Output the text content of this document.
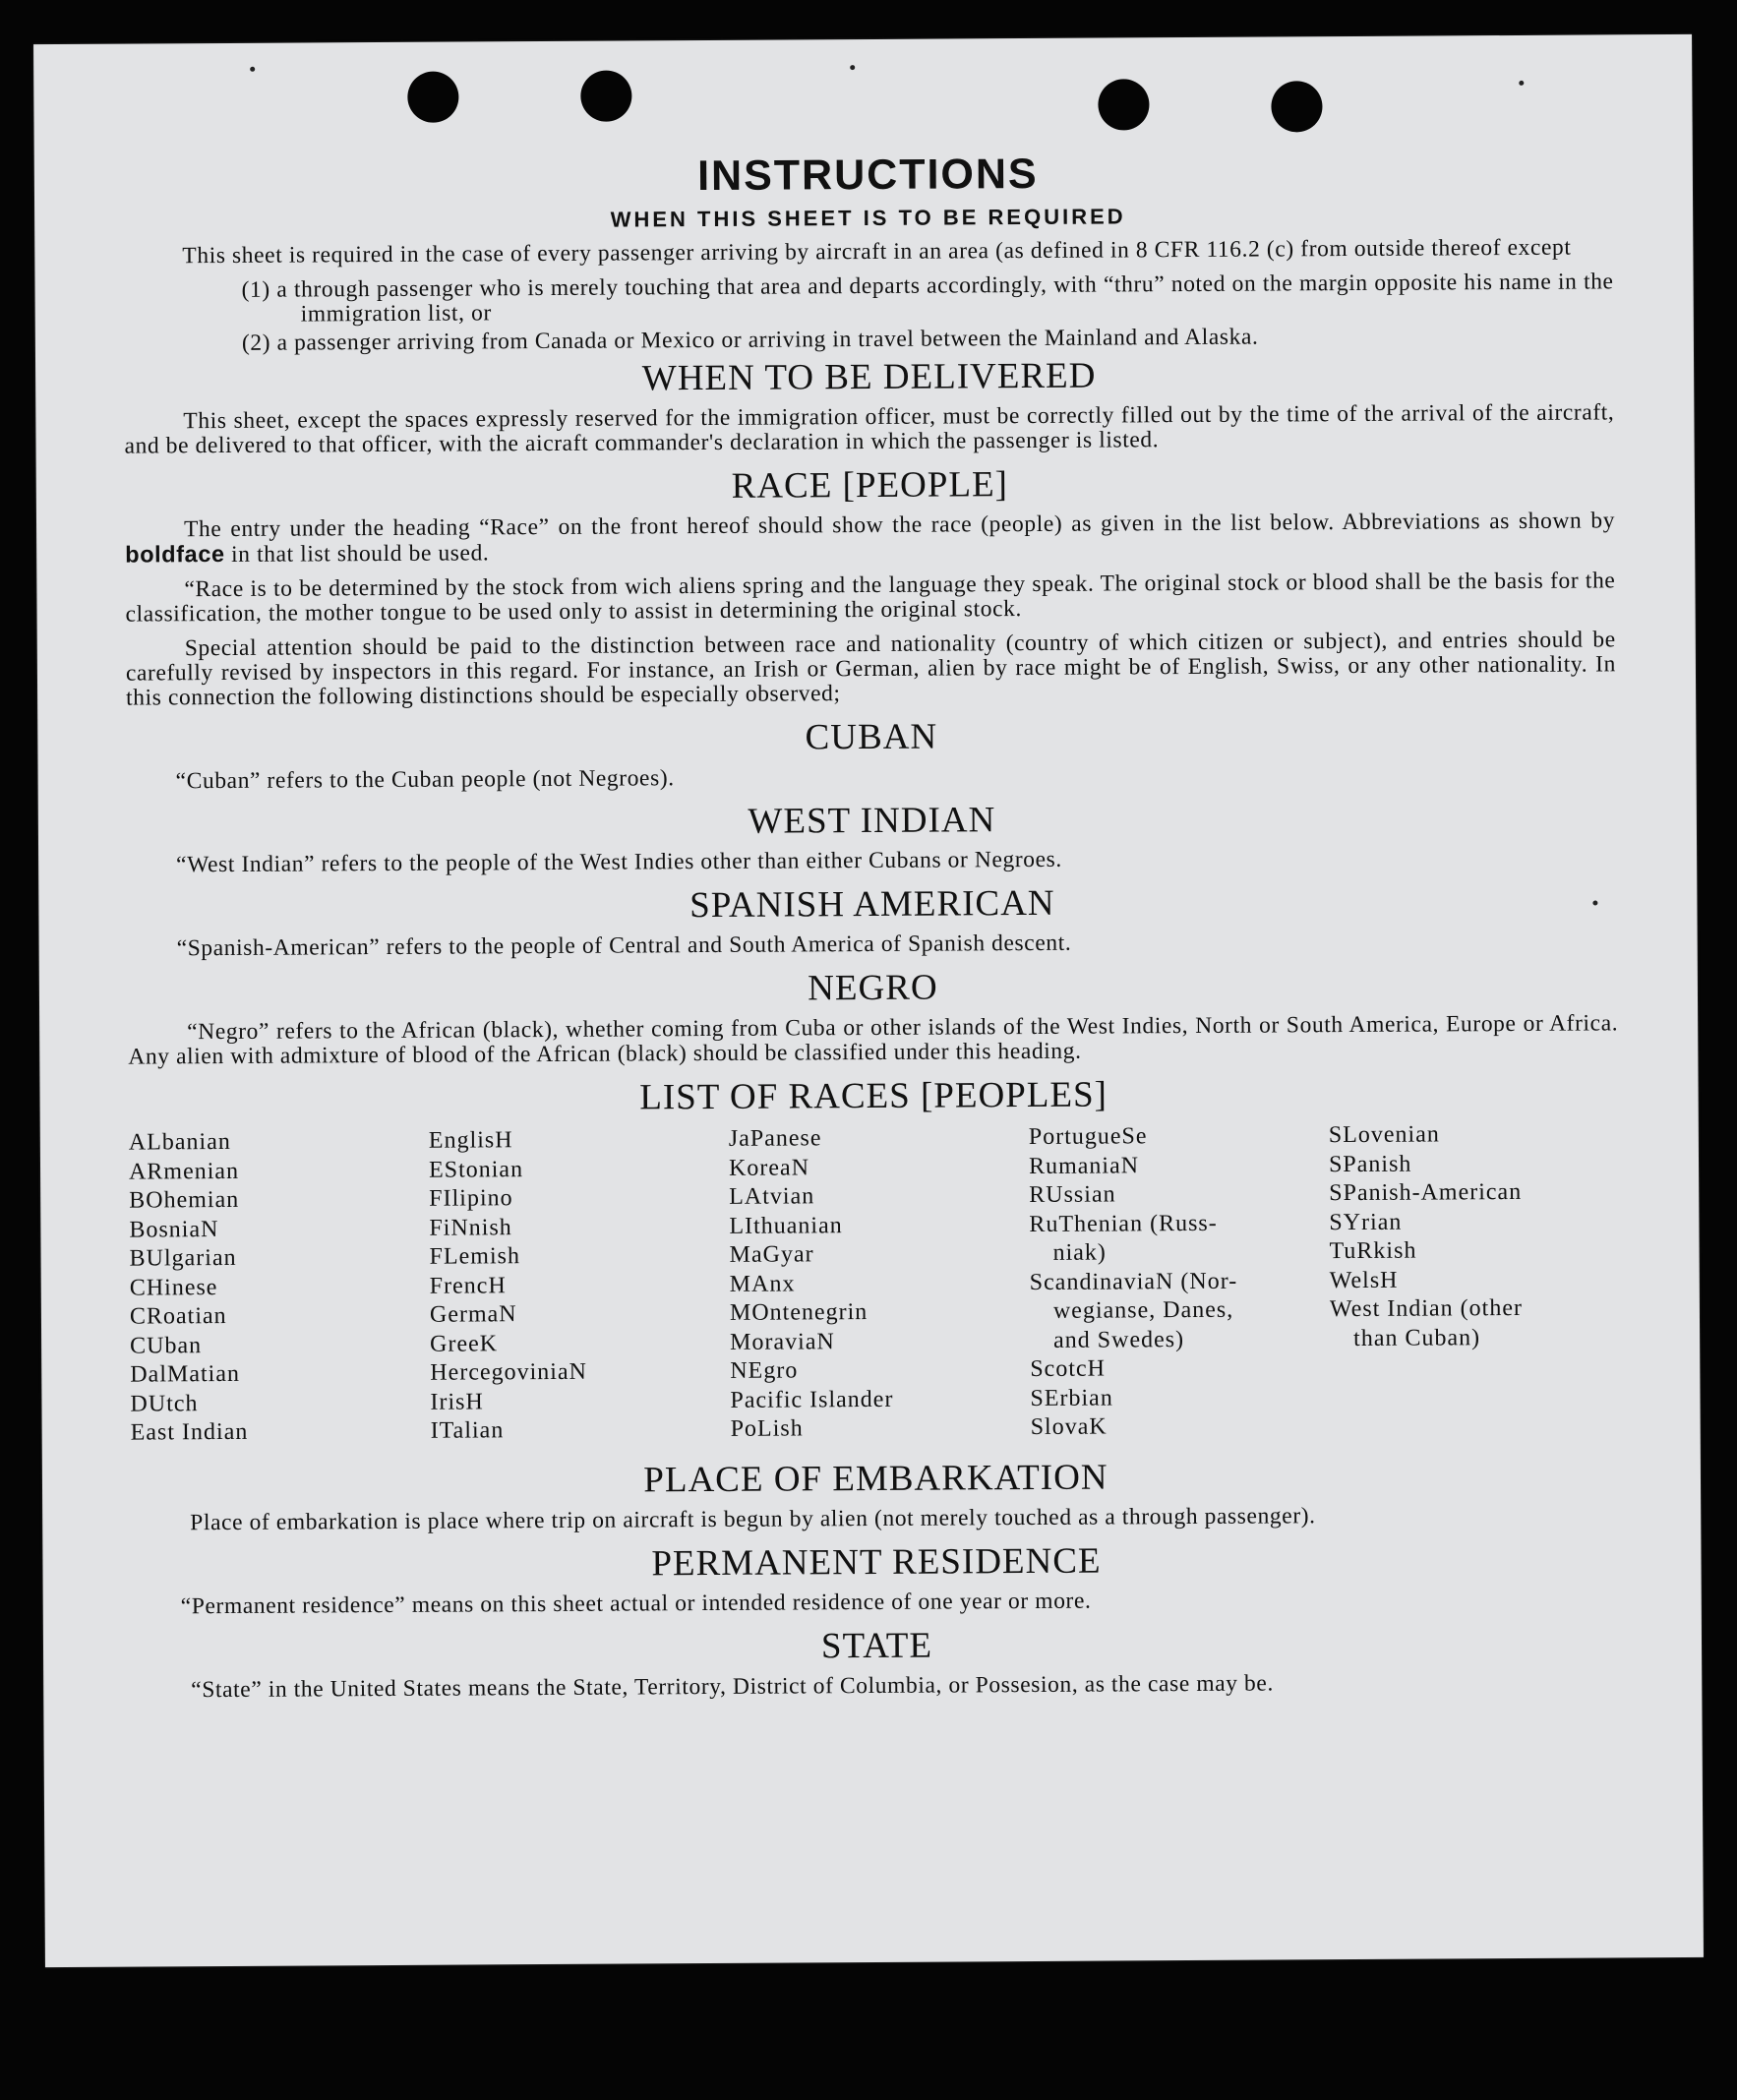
INSTRUCTIONS
WHEN THIS SHEET IS TO BE REQUIRED

This sheet is required in the case of every passenger arriving by aircraft in an area (as defined in 8 CFR 116.2 (c) from outside thereof except

(1) a through passenger who is merely touching that area and departs accordingly, with “thru” noted on the margin opposite his name in the immigration list, or
(2) a passenger arriving from Canada or Mexico or arriving in travel between the Mainland and Alaska.
WHEN TO BE DELIVERED

This sheet, except the spaces expressly reserved for the immigration officer, must be correctly filled out by the time of the arrival of the aircraft, and be delivered to that officer, with the aicraft commander's declaration in which the passenger is listed.

RACE [PEOPLE]

The entry under the heading “Race” on the front hereof should show the race (people) as given in the list below. Abbreviations as shown by boldface in that list should be used.

“Race is to be determined by the stock from wich aliens spring and the language they speak. The original stock or blood shall be the basis for the classification, the mother tongue to be used only to assist in determining the original stock.

Special attention should be paid to the distinction between race and nationality (country of which citizen or subject), and entries should be carefully revised by inspectors in this regard. For instance, an Irish or German, alien by race might be of English, Swiss, or any other nationality. In this connection the following distinctions should be especially observed;

CUBAN

“Cuban” refers to the Cuban people (not Negroes).

WEST INDIAN

“West Indian” refers to the people of the West Indies other than either Cubans or Negroes.

SPANISH AMERICAN

“Spanish-American” refers to the people of Central and South America of Spanish descent.

NEGRO

“Negro” refers to the African (black), whether coming from Cuba or other islands of the West Indies, North or South America, Europe or Africa. Any alien with admixture of blood of the African (black) should be classified under this heading.

LIST OF RACES [PEOPLES]
ALbanian
ARmenian
BOhemian
BosniaN
BUlgarian
CHinese
CRoatian
CUban
DalMatian
DUtch
East Indian
EnglisH
EStonian
FIlipino
FiNnish
FLemish
FrencH
GermaN
GreeK
HercegoviniaN
IrisH
ITalian
JaPanese
KoreaN
LAtvian
LIthuanian
MaGyar
MAnx
MOntenegrin
MoraviaN
NEgro
Pacific Islander
PoLish
PortugueSe
RumaniaN
RUssian
RuThenian (Russ-
niak)
ScandinaviaN (Nor-
wegianse, Danes,
and Swedes)
ScotcH
SErbian
SlovaK
SLovenian
SPanish
SPanish-American
SYrian
TuRkish
WelsH
West Indian (other
than Cuban)
PLACE OF EMBARKATION

Place of embarkation is place where trip on aircraft is begun by alien (not merely touched as a through passenger).

PERMANENT RESIDENCE

“Permanent residence” means on this sheet actual or intended residence of one year or more.

STATE

“State” in the United States means the State, Territory, District of Columbia, or Possesion, as the case may be.
